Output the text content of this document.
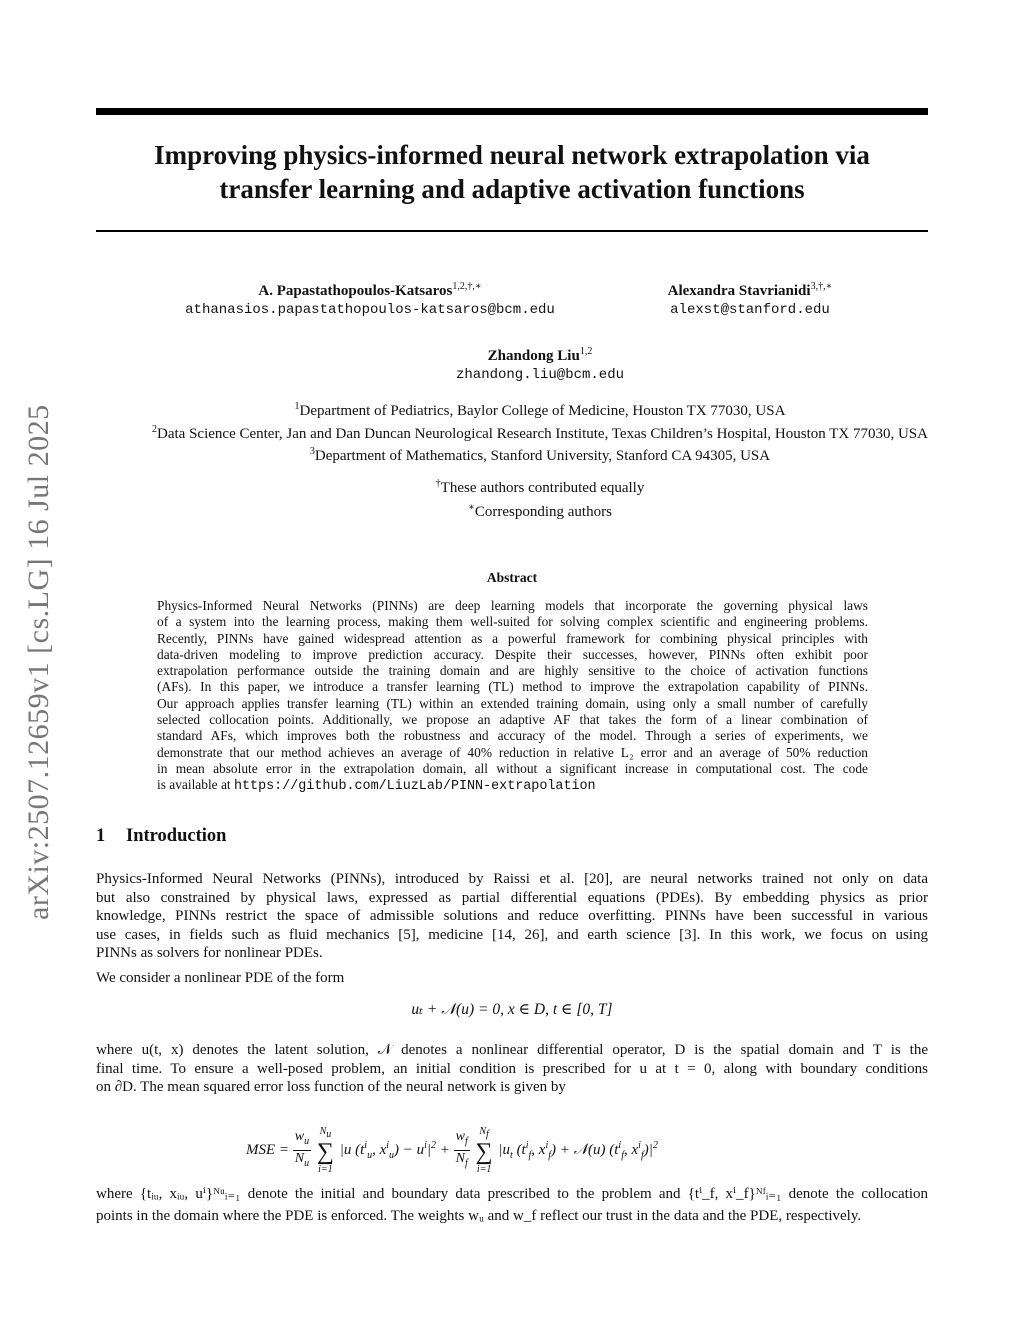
arXiv:2507.12659v1 [cs.LG] 16 Jul 2025
Improving physics-informed neural network extrapolation via
transfer learning and adaptive activation functions
A. Papastathopoulos-Katsaros$^{1,2,\dagger,∗}$
athanasios.papastathopoulos-katsaros@bcm.edu
Alexandra Stavrianidi$^{3,\dagger,∗}$
alexst@stanford.edu
Zhandong Liu$^{1,2}$
zhandong.liu@bcm.edu
$^1$Department of Pediatrics, Baylor College of Medicine, Houston TX 77030, USA
$^2$Data Science Center, Jan and Dan Duncan Neurological Research Institute, Texas Children’s Hospital, Houston TX 77030, USA
$^3$Department of Mathematics, Stanford University, Stanford CA 94305, USA
†These authors contributed equally
∗Corresponding authors
Abstract
Physics-Informed Neural Networks (PINNs) are deep learning models that incorporate the governing physical laws
of a system into the learning process, making them well-suited for solving complex scientific and engineering problems.
Recently, PINNs have gained widespread attention as a powerful framework for combining physical principles with
data-driven modeling to improve prediction accuracy. Despite their successes, however, PINNs often exhibit poor
extrapolation performance outside the training domain and are highly sensitive to the choice of activation functions
(AFs). In this paper, we introduce a transfer learning (TL) method to improve the extrapolation capability of PINNs.
Our approach applies transfer learning (TL) within an extended training domain, using only a small number of carefully
selected collocation points. Additionally, we propose an adaptive AF that takes the form of a linear combination of
standard AFs, which improves both the robustness and accuracy of the model. Through a series of experiments, we
demonstrate that our method achieves an average of 40% reduction in relative L₂ error and an average of 50% reduction
in mean absolute error in the extrapolation domain, all without a significant increase in computational cost. The code
is available at https://github.com/LiuzLab/PINN-extrapolation
1 Introduction
Physics-Informed Neural Networks (PINNs), introduced by Raissi et al. [20], are neural networks trained not only on data
but also constrained by physical laws, expressed as partial differential equations (PDEs). By embedding physics as prior
knowledge, PINNs restrict the space of admissible solutions and reduce overfitting. PINNs have been successful in various
use cases, in fields such as fluid mechanics [5], medicine [14, 26], and earth science [3]. In this work, we focus on using
PINNs as solvers for nonlinear PDEs.
We consider a nonlinear PDE of the form
uₜ + 𝒩(u) = 0, x ∈ D, t ∈ [0, T]
where u(t, x) denotes the latent solution, 𝒩 denotes a nonlinear differential operator, D is the spatial domain and T is the
final time. To ensure a well-posed problem, an initial condition is prescribed for u at t = 0, along with boundary conditions
on ∂D. The mean squared error loss function of the neural network is given by
MSE = $\frac{w_u}{N_u}$
$N_u$
∑
i=1
|u ($t^i_u$, $x^i_u) - u^i|^2 + \frac{w_f}{N_f}$
$N_f$
∑
i=1
$|u_t$ ($t^i_f$, $x^i_f$) + 𝒩(u) ($t^i_f$, $x^i_f)|^2$
where {tᵢᵤ, xᵢᵤ, uⁱ}ᴺᵘᵢ₌₁ denote the initial and boundary data prescribed to the problem and {tⁱ_f, xⁱ_f}ᴺᶠᵢ₌₁ denote the collocation
points in the domain where the PDE is enforced. The weights wᵤ and w_f reflect our trust in the data and the PDE, respectively.
